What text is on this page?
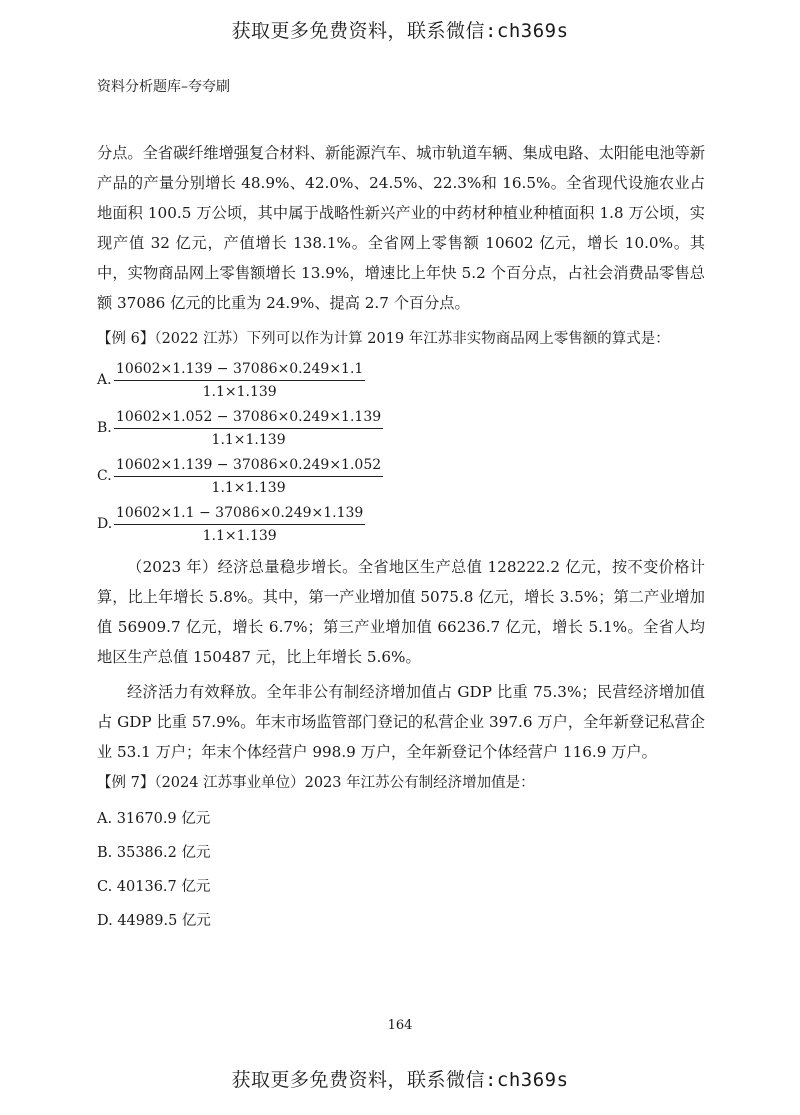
获取更多免费资料，联系微信:ch369s
资料分析题库–夸夸刷

分点。全省碳纤维增强复合材料、新能源汽车、城市轨道车辆、集成电路、太阳能电池等新产品的产量分别增长 48.9%、42.0%、24.5%、22.3%和 16.5%。全省现代设施农业占地面积 100.5 万公顷，其中属于战略性新兴产业的中药材种植业种植面积 1.8 万公顷，实现产值 32 亿元，产值增长 138.1%。全省网上零售额 10602 亿元，增长 10.0%。其中，实物商品网上零售额增长 13.9%，增速比上年快 5.2 个百分点，占社会消费品零售总额 37086 亿元的比重为 24.9%、提高 2.7 个百分点。

【例 6】（2022 江苏）下列可以作为计算 2019 年江苏非实物商品网上零售额的算式是：
A. $\frac{10602\times 1.139 - 37086\times 0.249\times 1.1}{1.1\times 1.139}$
B. $\frac{10602\times 1.052 - 37086\times 0.249\times 1.139}{1.1\times 1.139}$
C. $\frac{10602\times 1.139 - 37086\times 0.249\times 1.052}{1.1\times 1.139}$
D. $\frac{10602\times 1.1 - 37086\times 0.249\times 1.139}{1.1\times 1.139}$

（2023 年）经济总量稳步增长。全省地区生产总值 128222.2 亿元，按不变价格计算，比上年增长 5.8%。其中，第一产业增加值 5075.8 亿元，增长 3.5%；第二产业增加值 56909.7 亿元，增长 6.7%；第三产业增加值 66236.7 亿元，增长 5.1%。全省人均地区生产总值 150487 元，比上年增长 5.6%。

经济活力有效释放。全年非公有制经济增加值占 GDP 比重 75.3%；民营经济增加值占 GDP 比重 57.9%。年末市场监管部门登记的私营企业 397.6 万户，全年新登记私营企业 53.1 万户；年末个体经营户 998.9 万户，全年新登记个体经营户 116.9 万户。

【例 7】（2024 江苏事业单位）2023 年江苏公有制经济增加值是：
A. 31670.9 亿元
B. 35386.2 亿元
C. 40136.7 亿元
D. 44989.5 亿元
164
获取更多免费资料，联系微信:ch369s
